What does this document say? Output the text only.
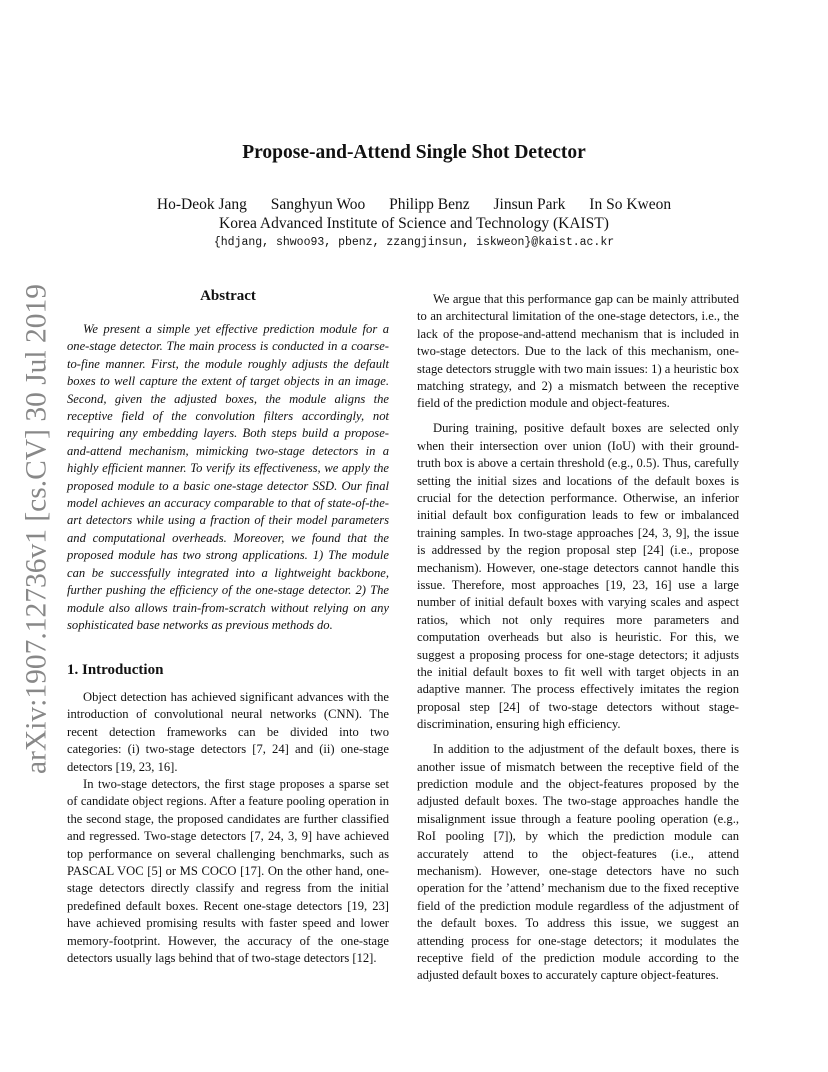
arXiv:1907.12736v1 [cs.CV] 30 Jul 2019
Propose-and-Attend Single Shot Detector
Ho-Deok Jang Sanghyun Woo Philipp Benz Jinsun Park In So Kweon
Korea Advanced Institute of Science and Technology (KAIST)
{hdjang, shwoo93, pbenz, zzangjinsun, iskweon}@kaist.ac.kr
Abstract

We present a simple yet effective prediction module for a one-stage detector. The main process is conducted in a coarse-to-fine manner. First, the module roughly adjusts the default boxes to well capture the extent of target objects in an image. Second, given the adjusted boxes, the module aligns the receptive field of the convolution filters accordingly, not requiring any embedding layers. Both steps build a propose-and-attend mechanism, mimicking two-stage detectors in a highly efficient manner. To verify its effectiveness, we apply the proposed module to a basic one-stage detector SSD. Our final model achieves an accuracy comparable to that of state-of-the-art detectors while using a fraction of their model parameters and computational overheads. Moreover, we found that the proposed module has two strong applications. 1) The module can be successfully integrated into a lightweight backbone, further pushing the efficiency of the one-stage detector. 2) The module also allows train-from-scratch without relying on any sophisticated base networks as previous methods do.

1. Introduction

Object detection has achieved significant advances with the introduction of convolutional neural networks (CNN). The recent detection frameworks can be divided into two categories: (i) two-stage detectors [7, 24] and (ii) one-stage detectors [19, 23, 16].

In two-stage detectors, the first stage proposes a sparse set of candidate object regions. After a feature pooling operation in the second stage, the proposed candidates are further classified and regressed. Two-stage detectors [7, 24, 3, 9] have achieved top performance on several challenging benchmarks, such as PASCAL VOC [5] or MS COCO [17]. On the other hand, one-stage detectors directly classify and regress from the initial predefined default boxes. Recent one-stage detectors [19, 23] have achieved promising results with faster speed and lower memory-footprint. However, the accuracy of the one-stage detectors usually lags behind that of two-stage detectors [12].

We argue that this performance gap can be mainly attributed to an architectural limitation of the one-stage detectors, i.e., the lack of the propose-and-attend mechanism that is included in two-stage detectors. Due to the lack of this mechanism, one-stage detectors struggle with two main issues: 1) a heuristic box matching strategy, and 2) a mismatch between the receptive field of the prediction module and object-features.

During training, positive default boxes are selected only when their intersection over union (IoU) with their ground-truth box is above a certain threshold (e.g., 0.5). Thus, carefully setting the initial sizes and locations of the default boxes is crucial for the detection performance. Otherwise, an inferior initial default box configuration leads to few or imbalanced training samples. In two-stage approaches [24, 3, 9], the issue is addressed by the region proposal step [24] (i.e., propose mechanism). However, one-stage detectors cannot handle this issue. Therefore, most approaches [19, 23, 16] use a large number of initial default boxes with varying scales and aspect ratios, which not only requires more parameters and computation overheads but also is heuristic. For this, we suggest a proposing process for one-stage detectors; it adjusts the initial default boxes to fit well with target objects in an adaptive manner. The process effectively imitates the region proposal step [24] of two-stage detectors without stage-discrimination, ensuring high efficiency.

In addition to the adjustment of the default boxes, there is another issue of mismatch between the receptive field of the prediction module and the object-features proposed by the adjusted default boxes. The two-stage approaches handle the misalignment issue through a feature pooling operation (e.g., RoI pooling [7]), by which the prediction module can accurately attend to the object-features (i.e., attend mechanism). However, one-stage detectors have no such operation for the ’attend’ mechanism due to the fixed receptive field of the prediction module regardless of the adjustment of the default boxes. To address this issue, we suggest an attending process for one-stage detectors; it modulates the receptive field of the prediction module according to the adjusted default boxes to accurately capture object-features.
